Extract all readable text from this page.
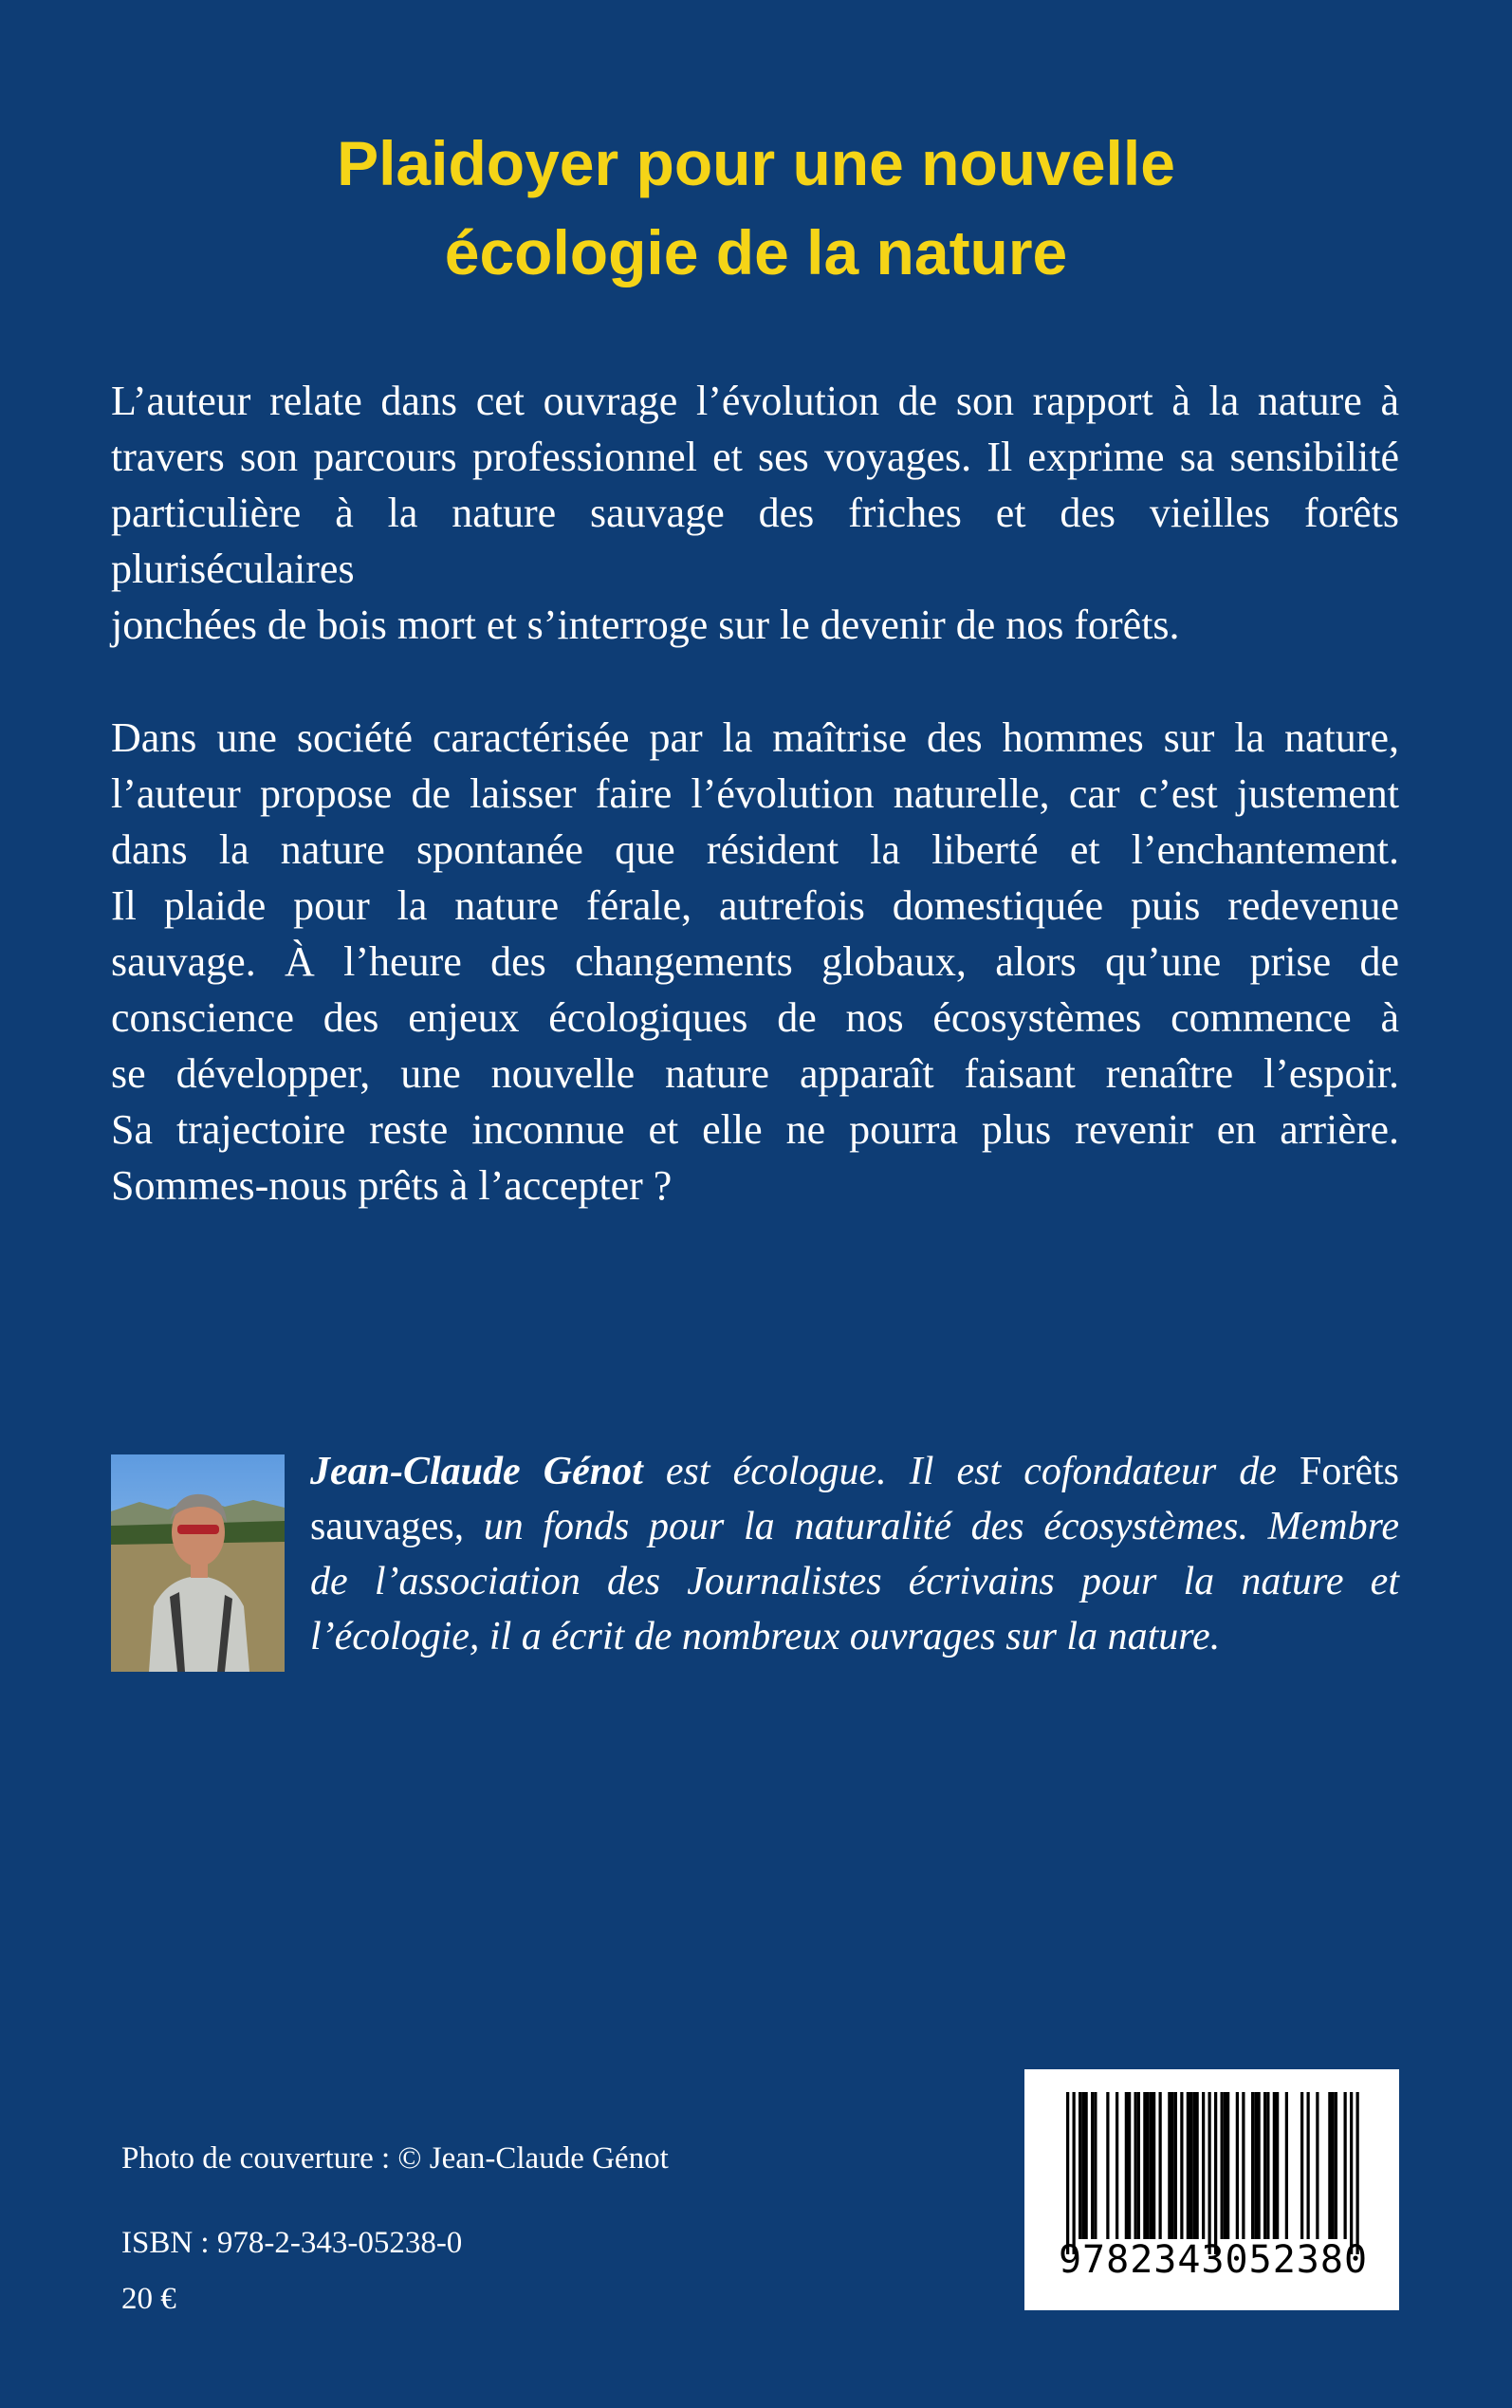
Plaidoyer pour une nouvelle
écologie de la nature
L’auteur relate dans cet ouvrage l’évolution de son rapport à la nature à
travers son parcours professionnel et ses voyages. Il exprime sa sensibilité
particulière à la nature sauvage des friches et des vieilles forêts pluriséculaires
jonchées de bois mort et s’interroge sur le devenir de nos forêts.
Dans une société caractérisée par la maîtrise des hommes sur la nature,
l’auteur propose de laisser faire l’évolution naturelle, car c’est justement
dans la nature spontanée que résident la liberté et l’enchantement.
Il plaide pour la nature férale, autrefois domestiquée puis redevenue
sauvage. À l’heure des changements globaux, alors qu’une prise de
conscience des enjeux écologiques de nos écosystèmes commence à
se développer, une nouvelle nature apparaît faisant renaître l’espoir.
Sa trajectoire reste inconnue et elle ne pourra plus revenir en arrière.
Sommes-nous prêts à l’accepter ?
Jean-Claude Génot est écologue. Il est cofondateur de Forêts
sauvages, un fonds pour la naturalité des écosystèmes. Membre
de l’association des Journalistes écrivains pour la nature et
l’écologie, il a écrit de nombreux ouvrages sur la nature.
Photo de couverture : © Jean-Claude Génot
ISBN : 978-2-343-05238-0
20 €
9782343052380
